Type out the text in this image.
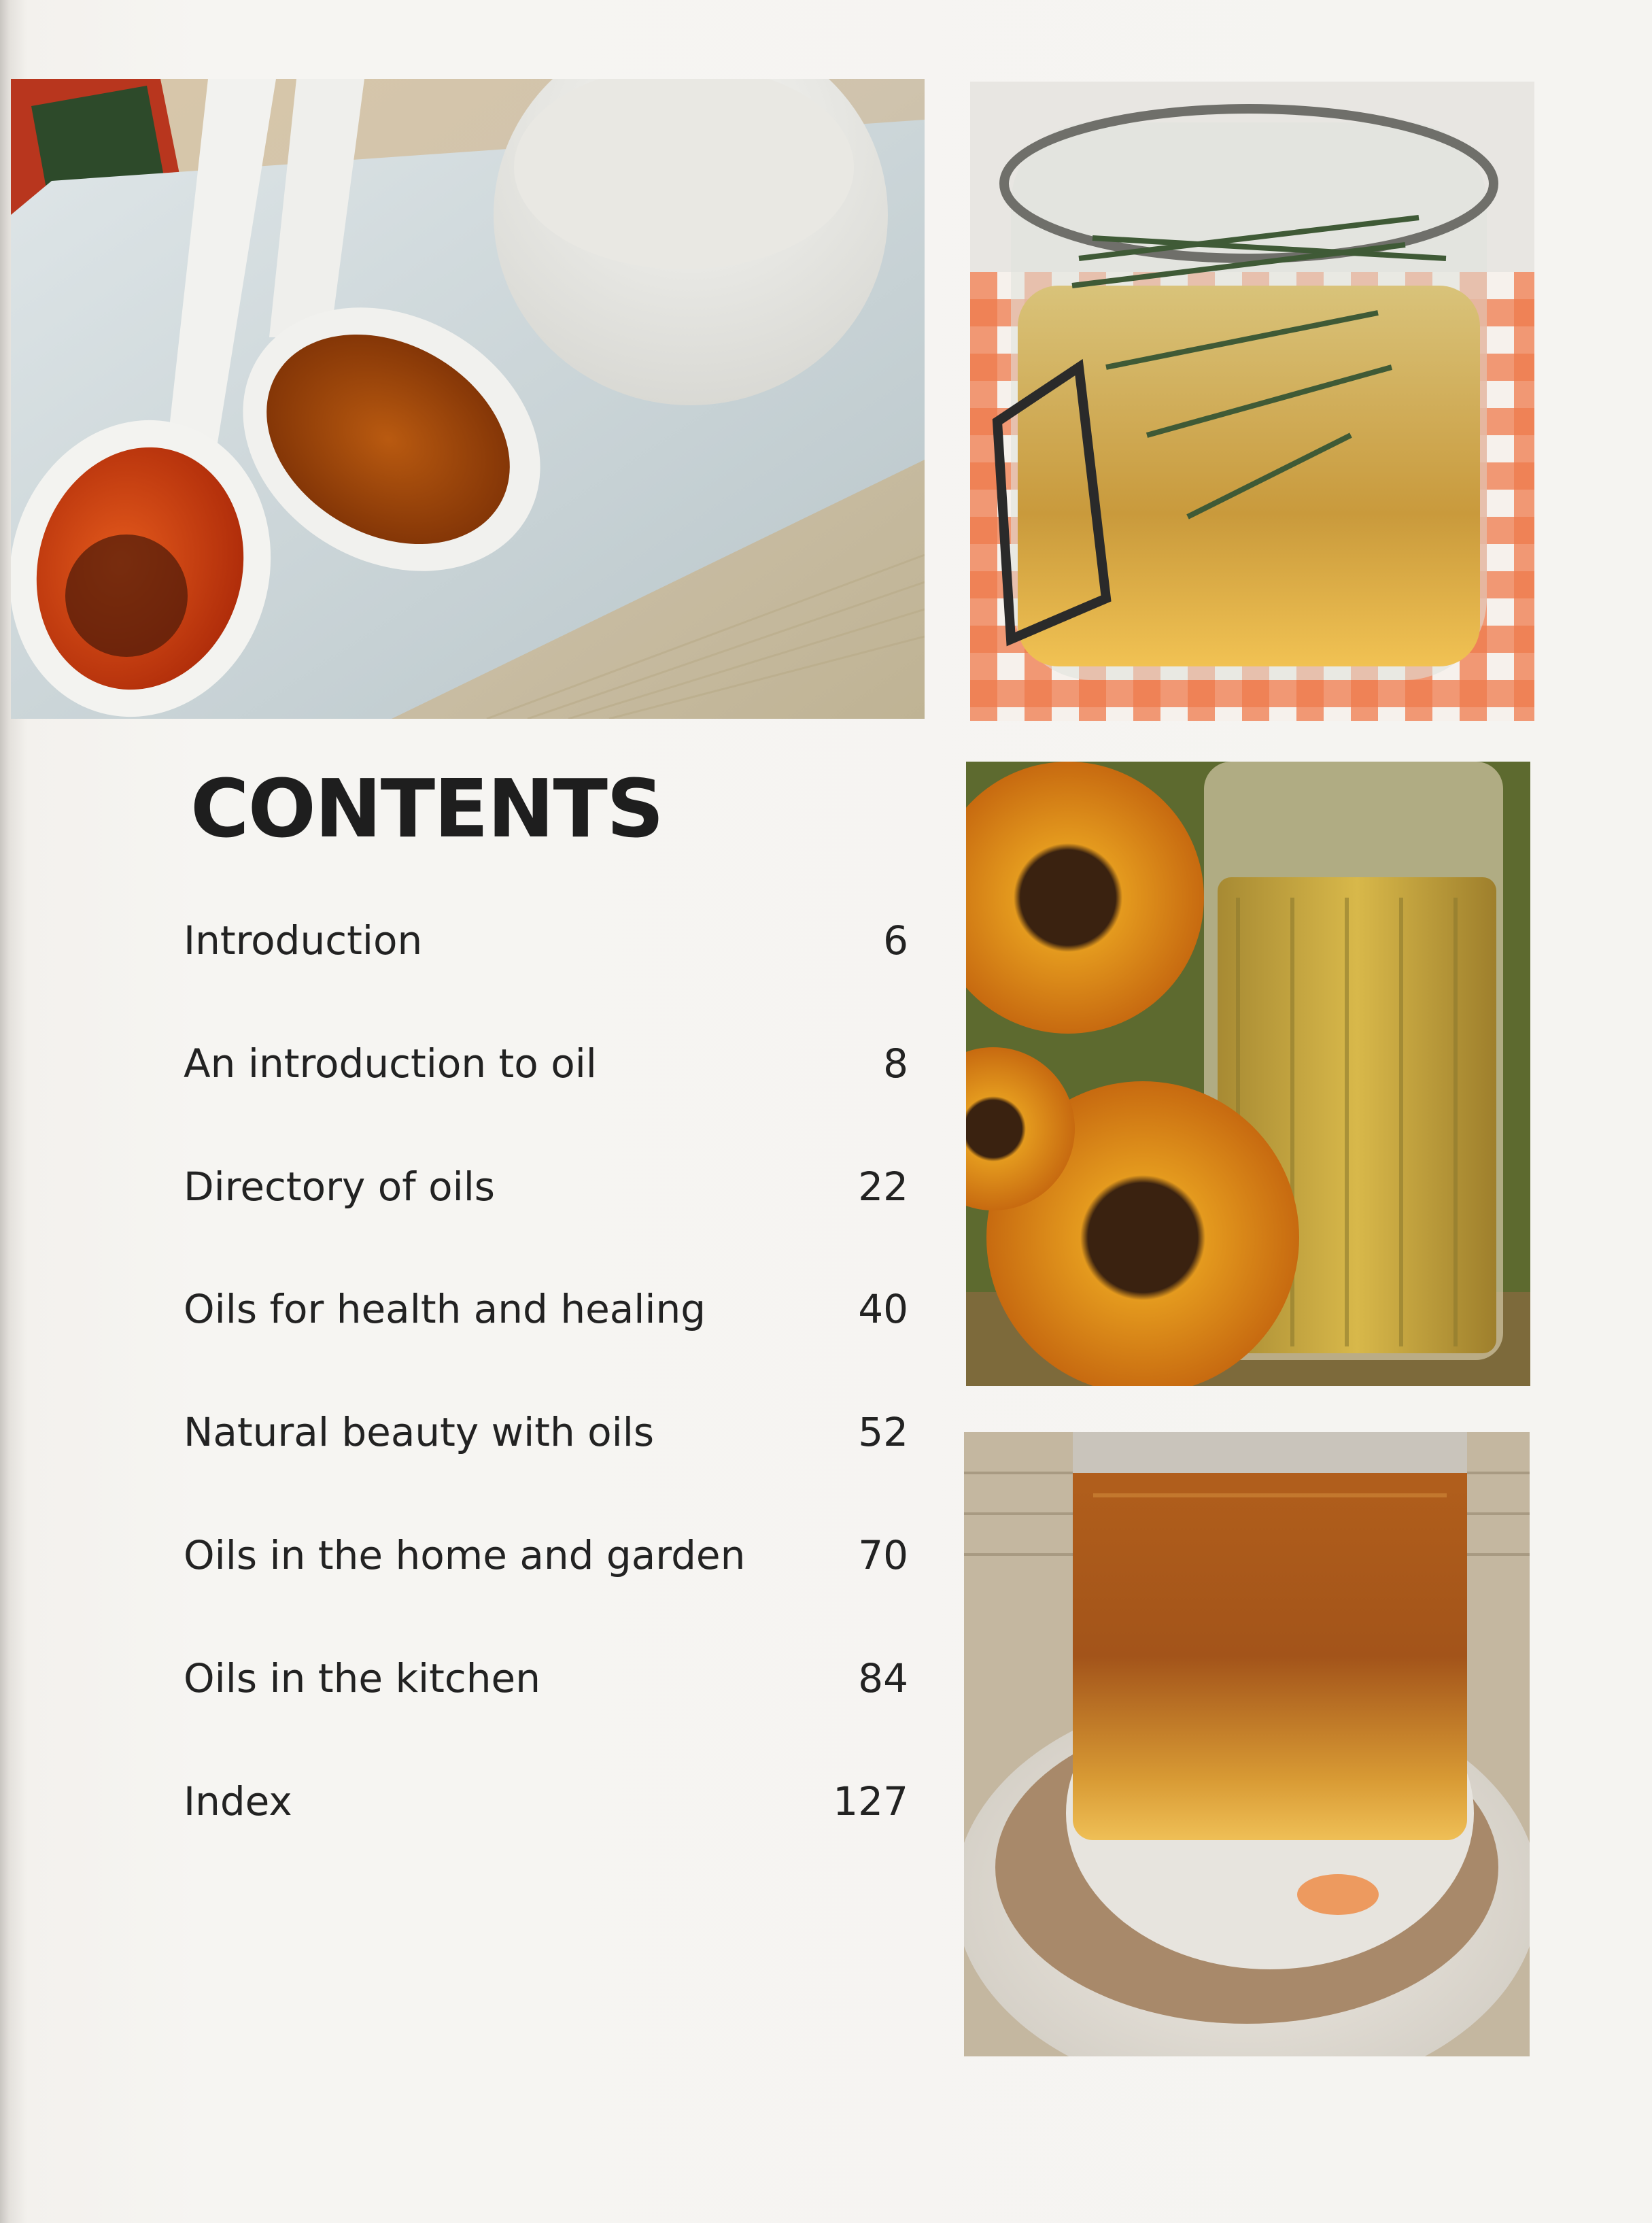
CONTENTS
Introduction	6
An introduction to oil	8
Directory of oils	22
Oils for health and healing	40
Natural beauty with oils	52
Oils in the home and garden	70
Oils in the kitchen	84
Index	127
